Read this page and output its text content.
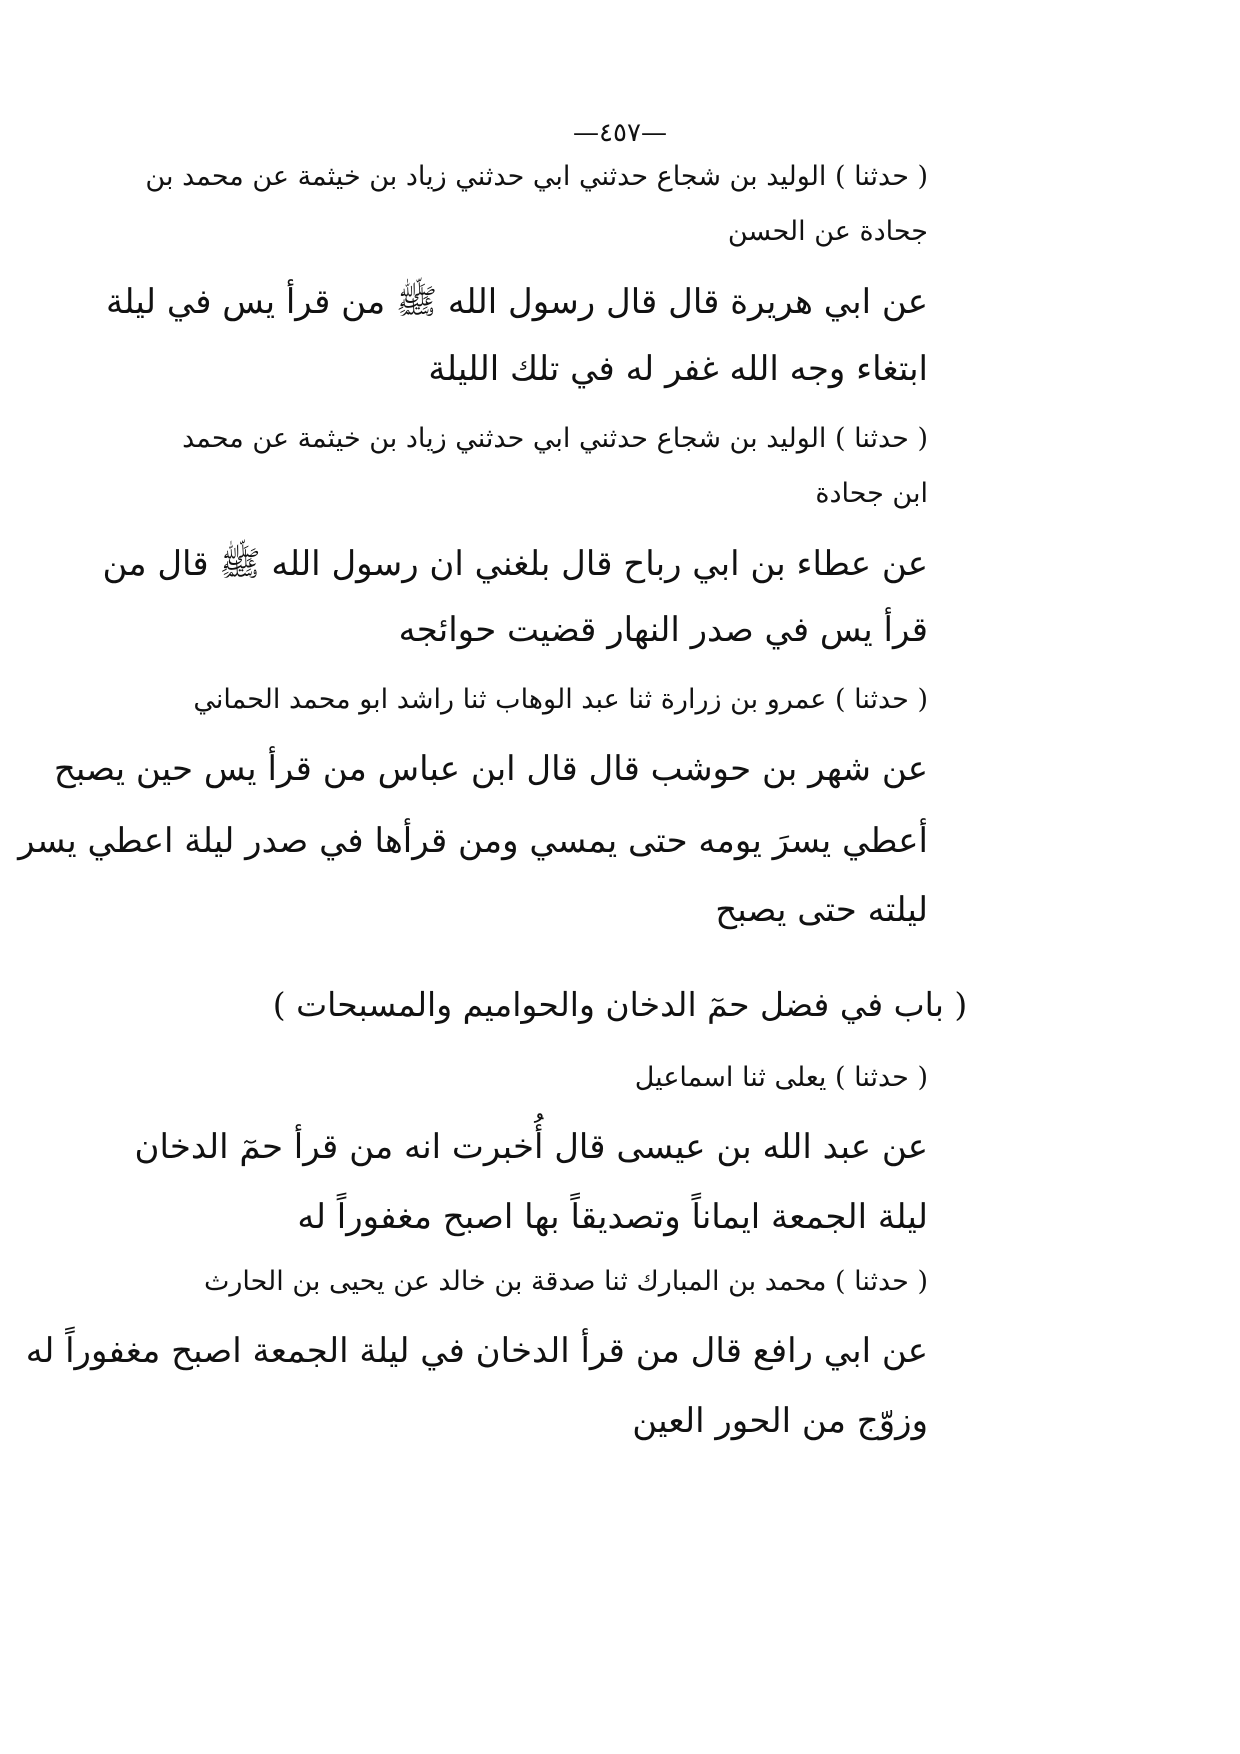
—٤٥٧—
( حدثنا ) الوليد بن شجاع حدثني ابي حدثني زياد بن خيثمة عن محمد بن
جحادة عن الحسن
عن ابي هريرة قال قال رسول الله ﷺ من قرأ يس في ليلة
ابتغاء وجه الله غفر له في تلك الليلة
( حدثنا ) الوليد بن شجاع حدثني ابي حدثني زياد بن خيثمة عن محمد
ابن جحادة
عن عطاء بن ابي رباح قال بلغني ان رسول الله ﷺ قال من
قرأ يس في صدر النهار قضيت حوائجه
( حدثنا ) عمرو بن زرارة ثنا عبد الوهاب ثنا راشد ابو محمد الحماني
عن شهر بن حوشب قال قال ابن عباس من قرأ يس حين يصبح
أعطي يسرَ يومه حتى يمسي ومن قرأها في صدر ليلة اعطي يسر
ليلته حتى يصبح
( باب في فضل حمٓ الدخان والحواميم والمسبحات )
( حدثنا ) يعلى ثنا اسماعيل
عن عبد الله بن عيسى قال أُخبرت انه من قرأ حمٓ الدخان
ليلة الجمعة ايماناً وتصديقاً بها اصبح مغفوراً له
( حدثنا ) محمد بن المبارك ثنا صدقة بن خالد عن يحيى بن الحارث
عن ابي رافع قال من قرأ الدخان في ليلة الجمعة اصبح مغفوراً له
وزوّج من الحور العين
